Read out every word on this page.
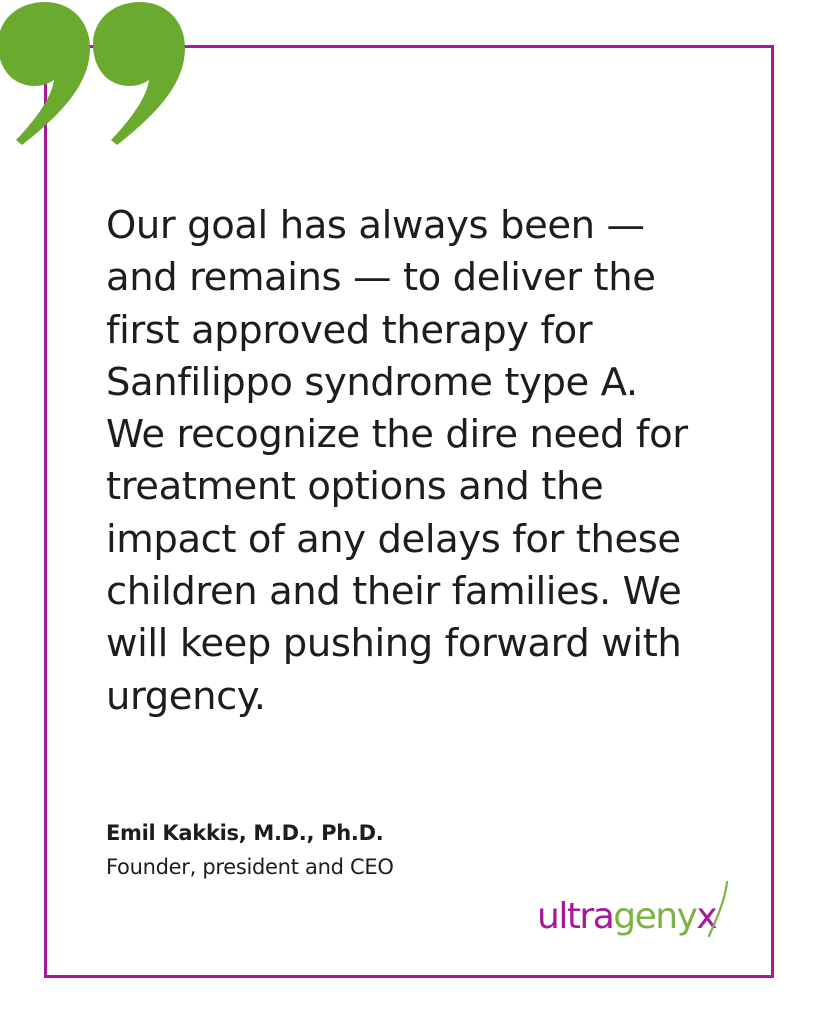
Our goal has always been —
and remains — to deliver the
first approved therapy for
Sanfilippo syndrome type A.
We recognize the dire need for
treatment options and the
impact of any delays for these
children and their families. We
will keep pushing forward with
urgency.

Emil Kakkis, M.D., Ph.D.

Founder, president and CEO

ultragenyx
